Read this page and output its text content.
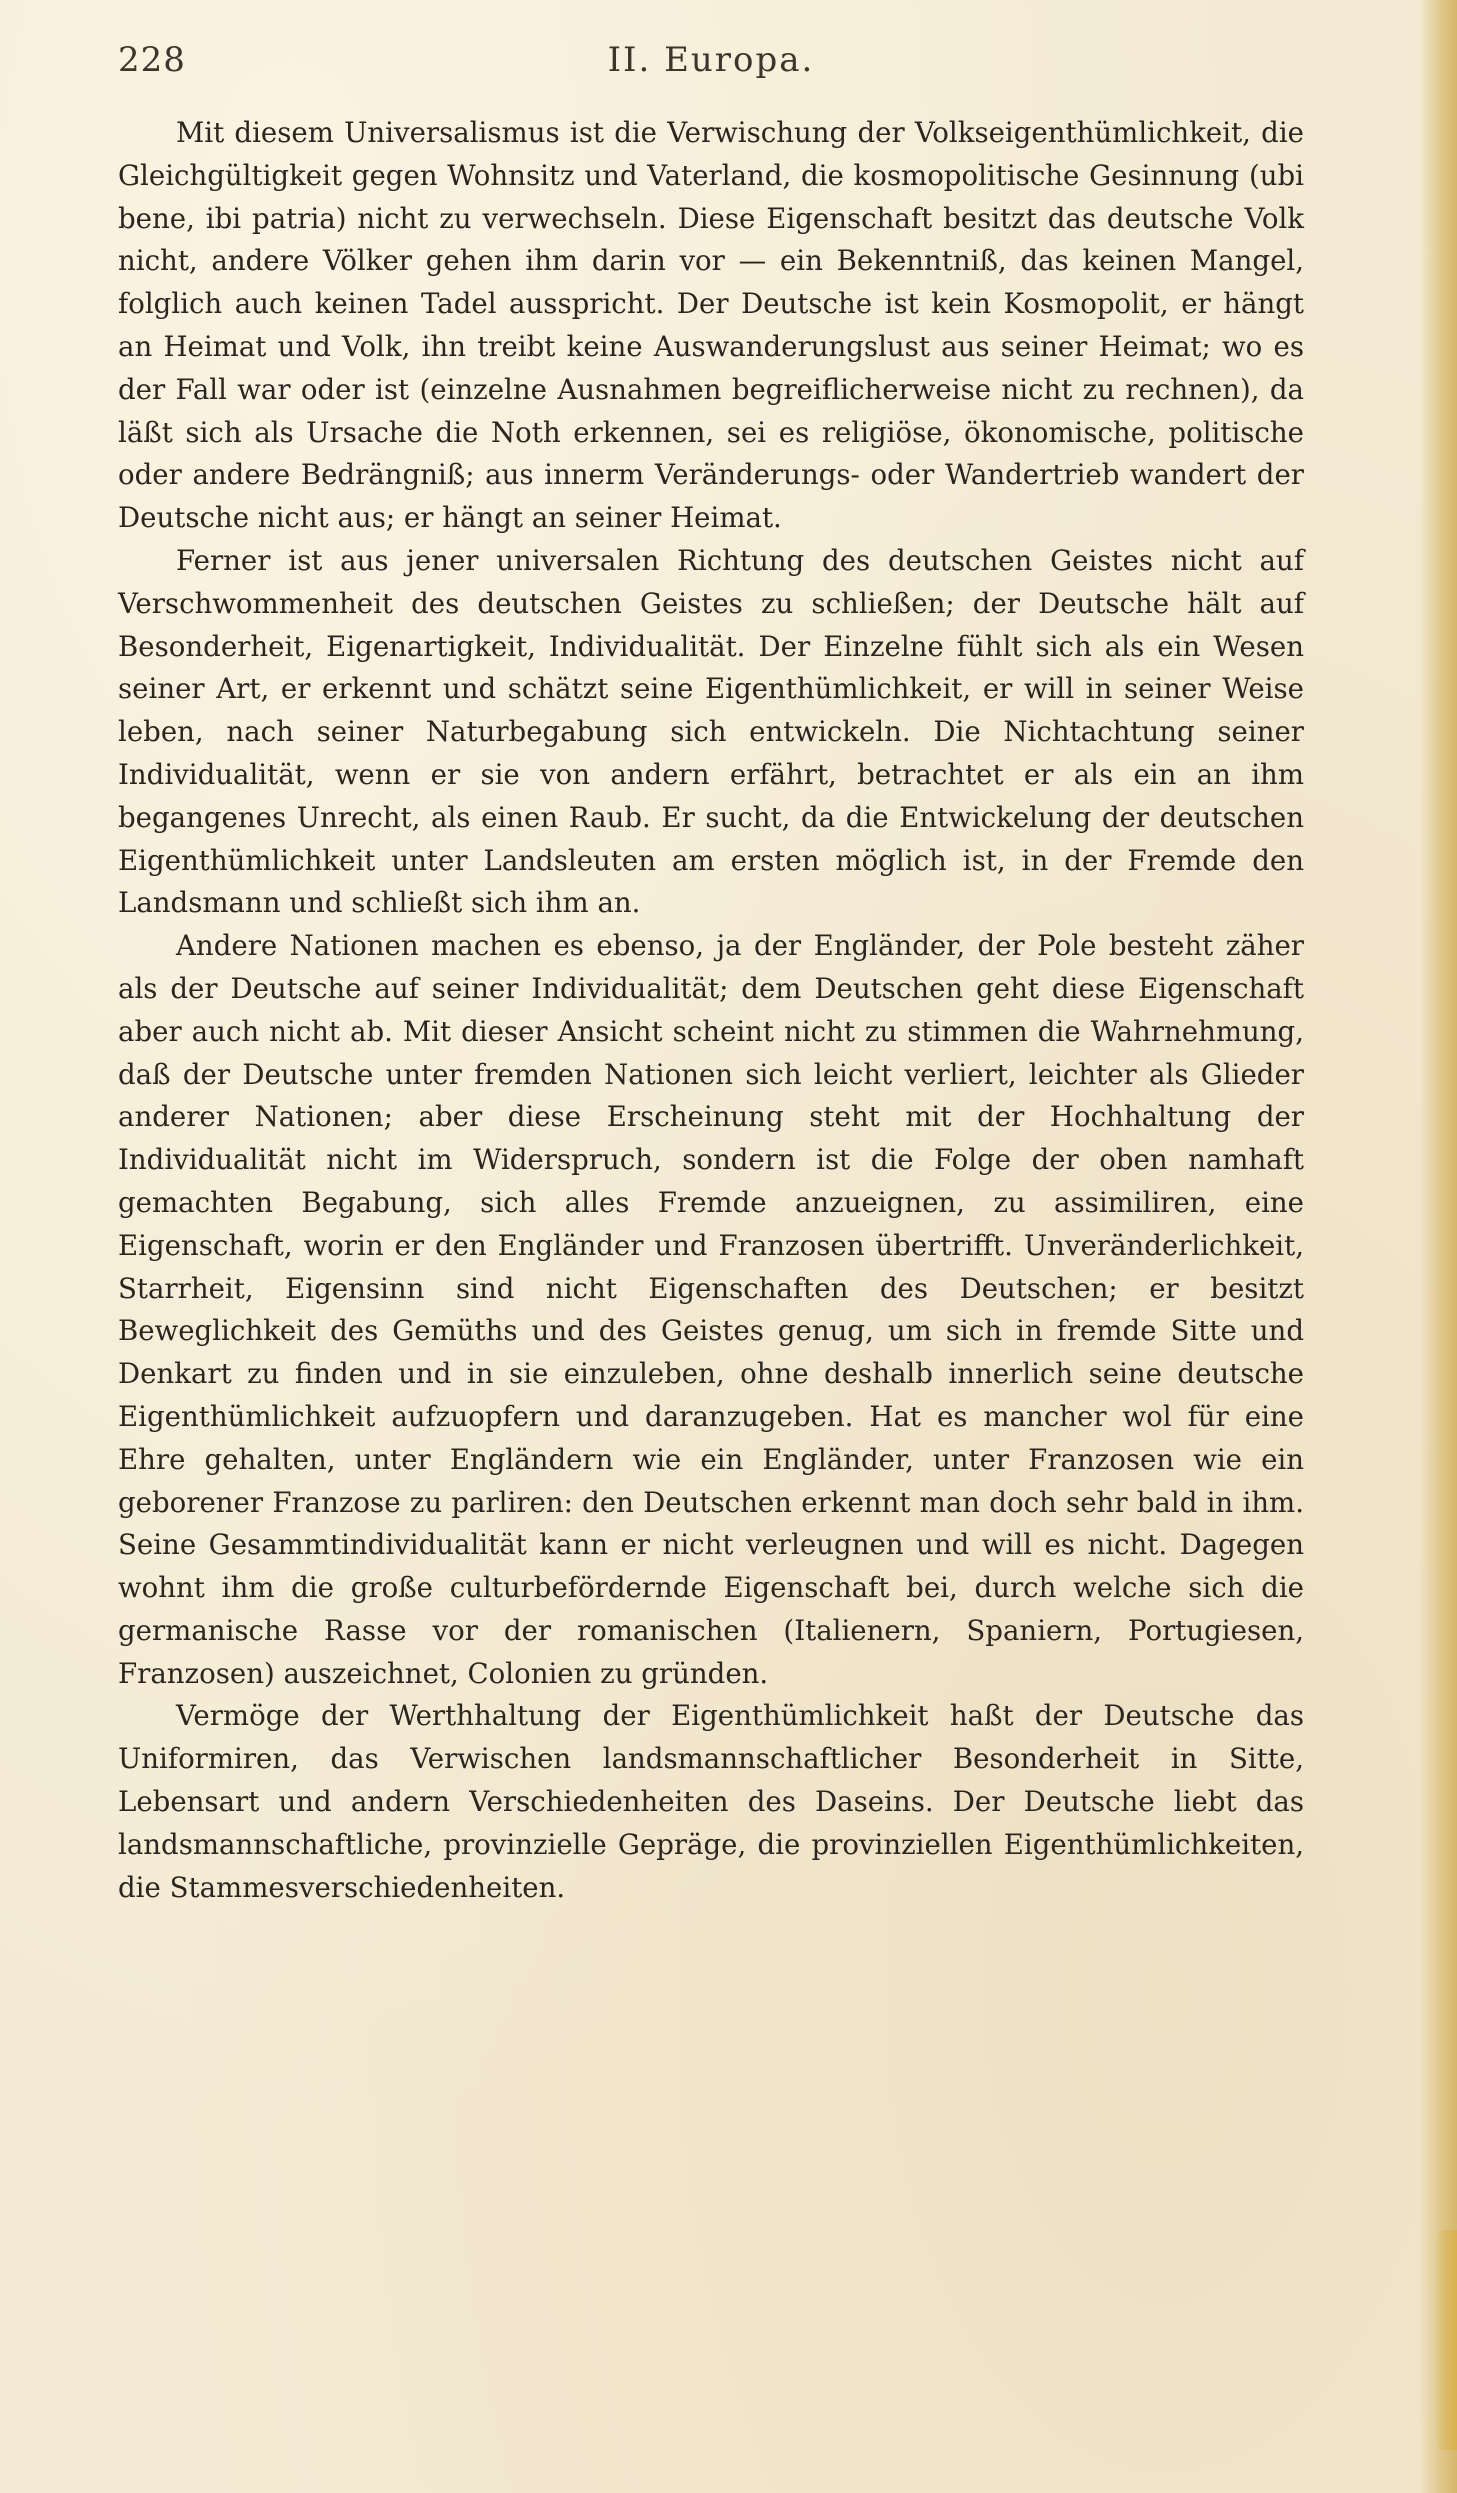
228	II. Europa.

Mit diesem Universalismus ist die Verwischung der Volkseigenthümlichkeit, die Gleichgültigkeit gegen Wohnsitz und Vaterland, die kosmopolitische Gesinnung (ubi bene, ibi patria) nicht zu verwechseln. Diese Eigenschaft besitzt das deutsche Volk nicht, andere Völker gehen ihm darin vor — ein Bekenntniß, das keinen Mangel, folglich auch keinen Tadel ausspricht. Der Deutsche ist kein Kosmopolit, er hängt an Heimat und Volk, ihn treibt keine Auswanderungslust aus seiner Heimat; wo es der Fall war oder ist (einzelne Ausnahmen begreiflicherweise nicht zu rechnen), da läßt sich als Ursache die Noth erkennen, sei es religiöse, ökonomische, politische oder andere Bedrängniß; aus innerm Veränderungs- oder Wandertrieb wandert der Deutsche nicht aus; er hängt an seiner Heimat.

Ferner ist aus jener universalen Richtung des deutschen Geistes nicht auf Verschwommenheit des deutschen Geistes zu schließen; der Deutsche hält auf Besonderheit, Eigenartigkeit, Individualität. Der Einzelne fühlt sich als ein Wesen seiner Art, er erkennt und schätzt seine Eigenthümlichkeit, er will in seiner Weise leben, nach seiner Naturbegabung sich entwickeln. Die Nichtachtung seiner Individualität, wenn er sie von andern erfährt, betrachtet er als ein an ihm begangenes Unrecht, als einen Raub. Er sucht, da die Entwickelung der deutschen Eigenthümlichkeit unter Landsleuten am ersten möglich ist, in der Fremde den Landsmann und schließt sich ihm an.

Andere Nationen machen es ebenso, ja der Engländer, der Pole besteht zäher als der Deutsche auf seiner Individualität; dem Deutschen geht diese Eigenschaft aber auch nicht ab. Mit dieser Ansicht scheint nicht zu stimmen die Wahrnehmung, daß der Deutsche unter fremden Nationen sich leicht verliert, leichter als Glieder anderer Nationen; aber diese Erscheinung steht mit der Hochhaltung der Individualität nicht im Widerspruch, sondern ist die Folge der oben namhaft gemachten Begabung, sich alles Fremde anzueignen, zu assimiliren, eine Eigenschaft, worin er den Engländer und Franzosen übertrifft. Unveränderlichkeit, Starrheit, Eigensinn sind nicht Eigenschaften des Deutschen; er besitzt Beweglichkeit des Gemüths und des Geistes genug, um sich in fremde Sitte und Denkart zu finden und in sie einzuleben, ohne deshalb innerlich seine deutsche Eigenthümlichkeit aufzuopfern und daranzugeben. Hat es mancher wol für eine Ehre gehalten, unter Engländern wie ein Engländer, unter Franzosen wie ein geborener Franzose zu parliren: den Deutschen erkennt man doch sehr bald in ihm. Seine Gesammtindividualität kann er nicht verleugnen und will es nicht. Dagegen wohnt ihm die große culturbefördernde Eigenschaft bei, durch welche sich die germanische Rasse vor der romanischen (Italienern, Spaniern, Portugiesen, Franzosen) auszeichnet, Colonien zu gründen.

Vermöge der Werthhaltung der Eigenthümlichkeit haßt der Deutsche das Uniformiren, das Verwischen landsmannschaftlicher Besonderheit in Sitte, Lebensart und andern Verschiedenheiten des Daseins. Der Deutsche liebt das landsmannschaftliche, provinzielle Gepräge, die provinziellen Eigenthümlichkeiten, die Stammesverschiedenheiten.
